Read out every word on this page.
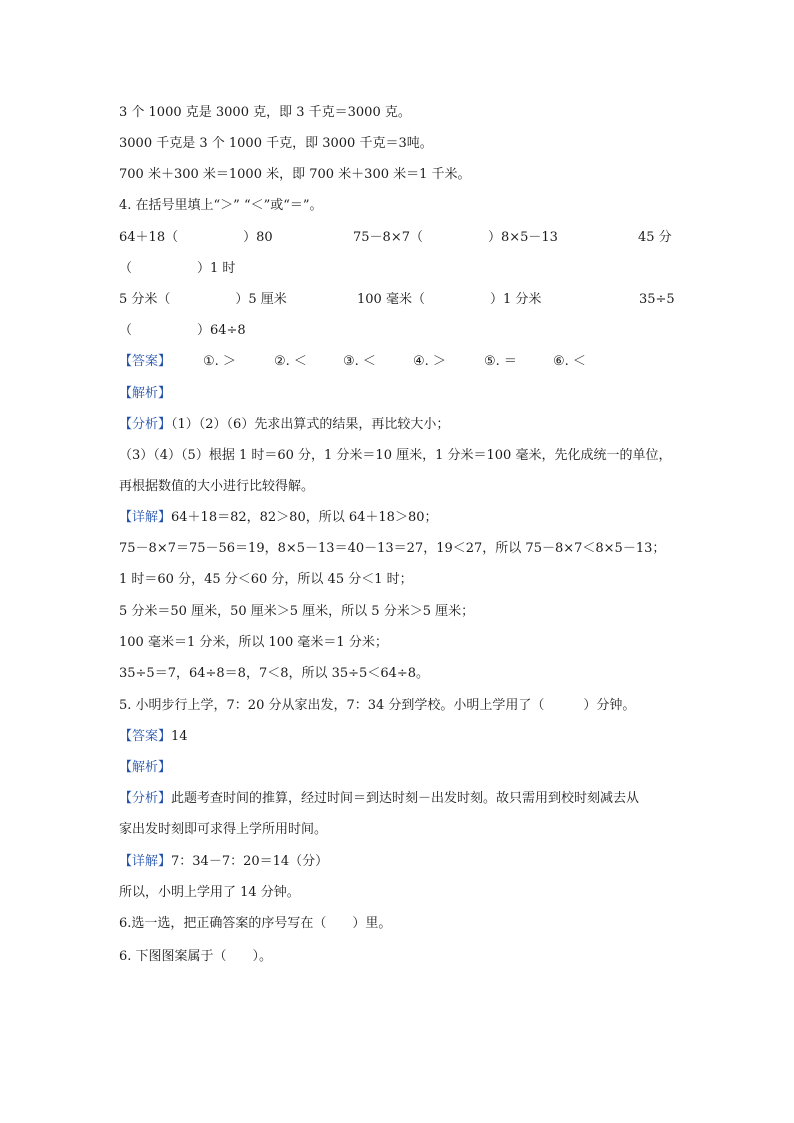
3 个 1000 克是 3000 克，即 3 千克＝3000 克。
3000 千克是 3 个 1000 千克，即 3000 千克＝3吨。
700 米＋300 米＝1000 米，即 700 米＋300 米＝1 千米。
4. 在括号里填上“＞” “＜”或“＝”。
64＋18（　　　　　）80	75－8×7（　　　　　）8×5－13	45 分
（　　　　　）1 时
5 分米（　　　　　）5 厘米	100 毫米（　　　　　）1 分米	35÷5
（　　　　　）64÷8
【答案】 ①. ＞	②. ＜	③. ＜	④. ＞	⑤. ＝	⑥. ＜
【解析】
【分析】（1）（2）（6）先求出算式的结果，再比较大小；
（3）（4）（5）根据 1 时＝60 分，1 分米＝10 厘米，1 分米＝100 毫米，先化成统一的单位，
再根据数值的大小进行比较得解。
【详解】64＋18＝82，82＞80，所以 64＋18＞80；
75－8×7＝75－56＝19，8×5－13＝40－13＝27，19＜27，所以 75－8×7＜8×5－13；
1 时＝60 分，45 分＜60 分，所以 45 分＜1 时；
5 分米＝50 厘米，50 厘米＞5 厘米，所以 5 分米＞5 厘米；
100 毫米＝1 分米，所以 100 毫米＝1 分米；
35÷5＝7，64÷8＝8，7＜8，所以 35÷5＜64÷8。
5. 小明步行上学，7：20 分从家出发，7：34 分到学校。小明上学用了（　　　）分钟。
【答案】14
【解析】
【分析】此题考查时间的推算，经过时间＝到达时刻－出发时刻。故只需用到校时刻减去从
家出发时刻即可求得上学所用时间。
【详解】7：34－7：20＝14（分）
所以，小明上学用了 14 分钟。
6.选一选，把正确答案的序号写在（　　）里。
6. 下图图案属于（　　）。
